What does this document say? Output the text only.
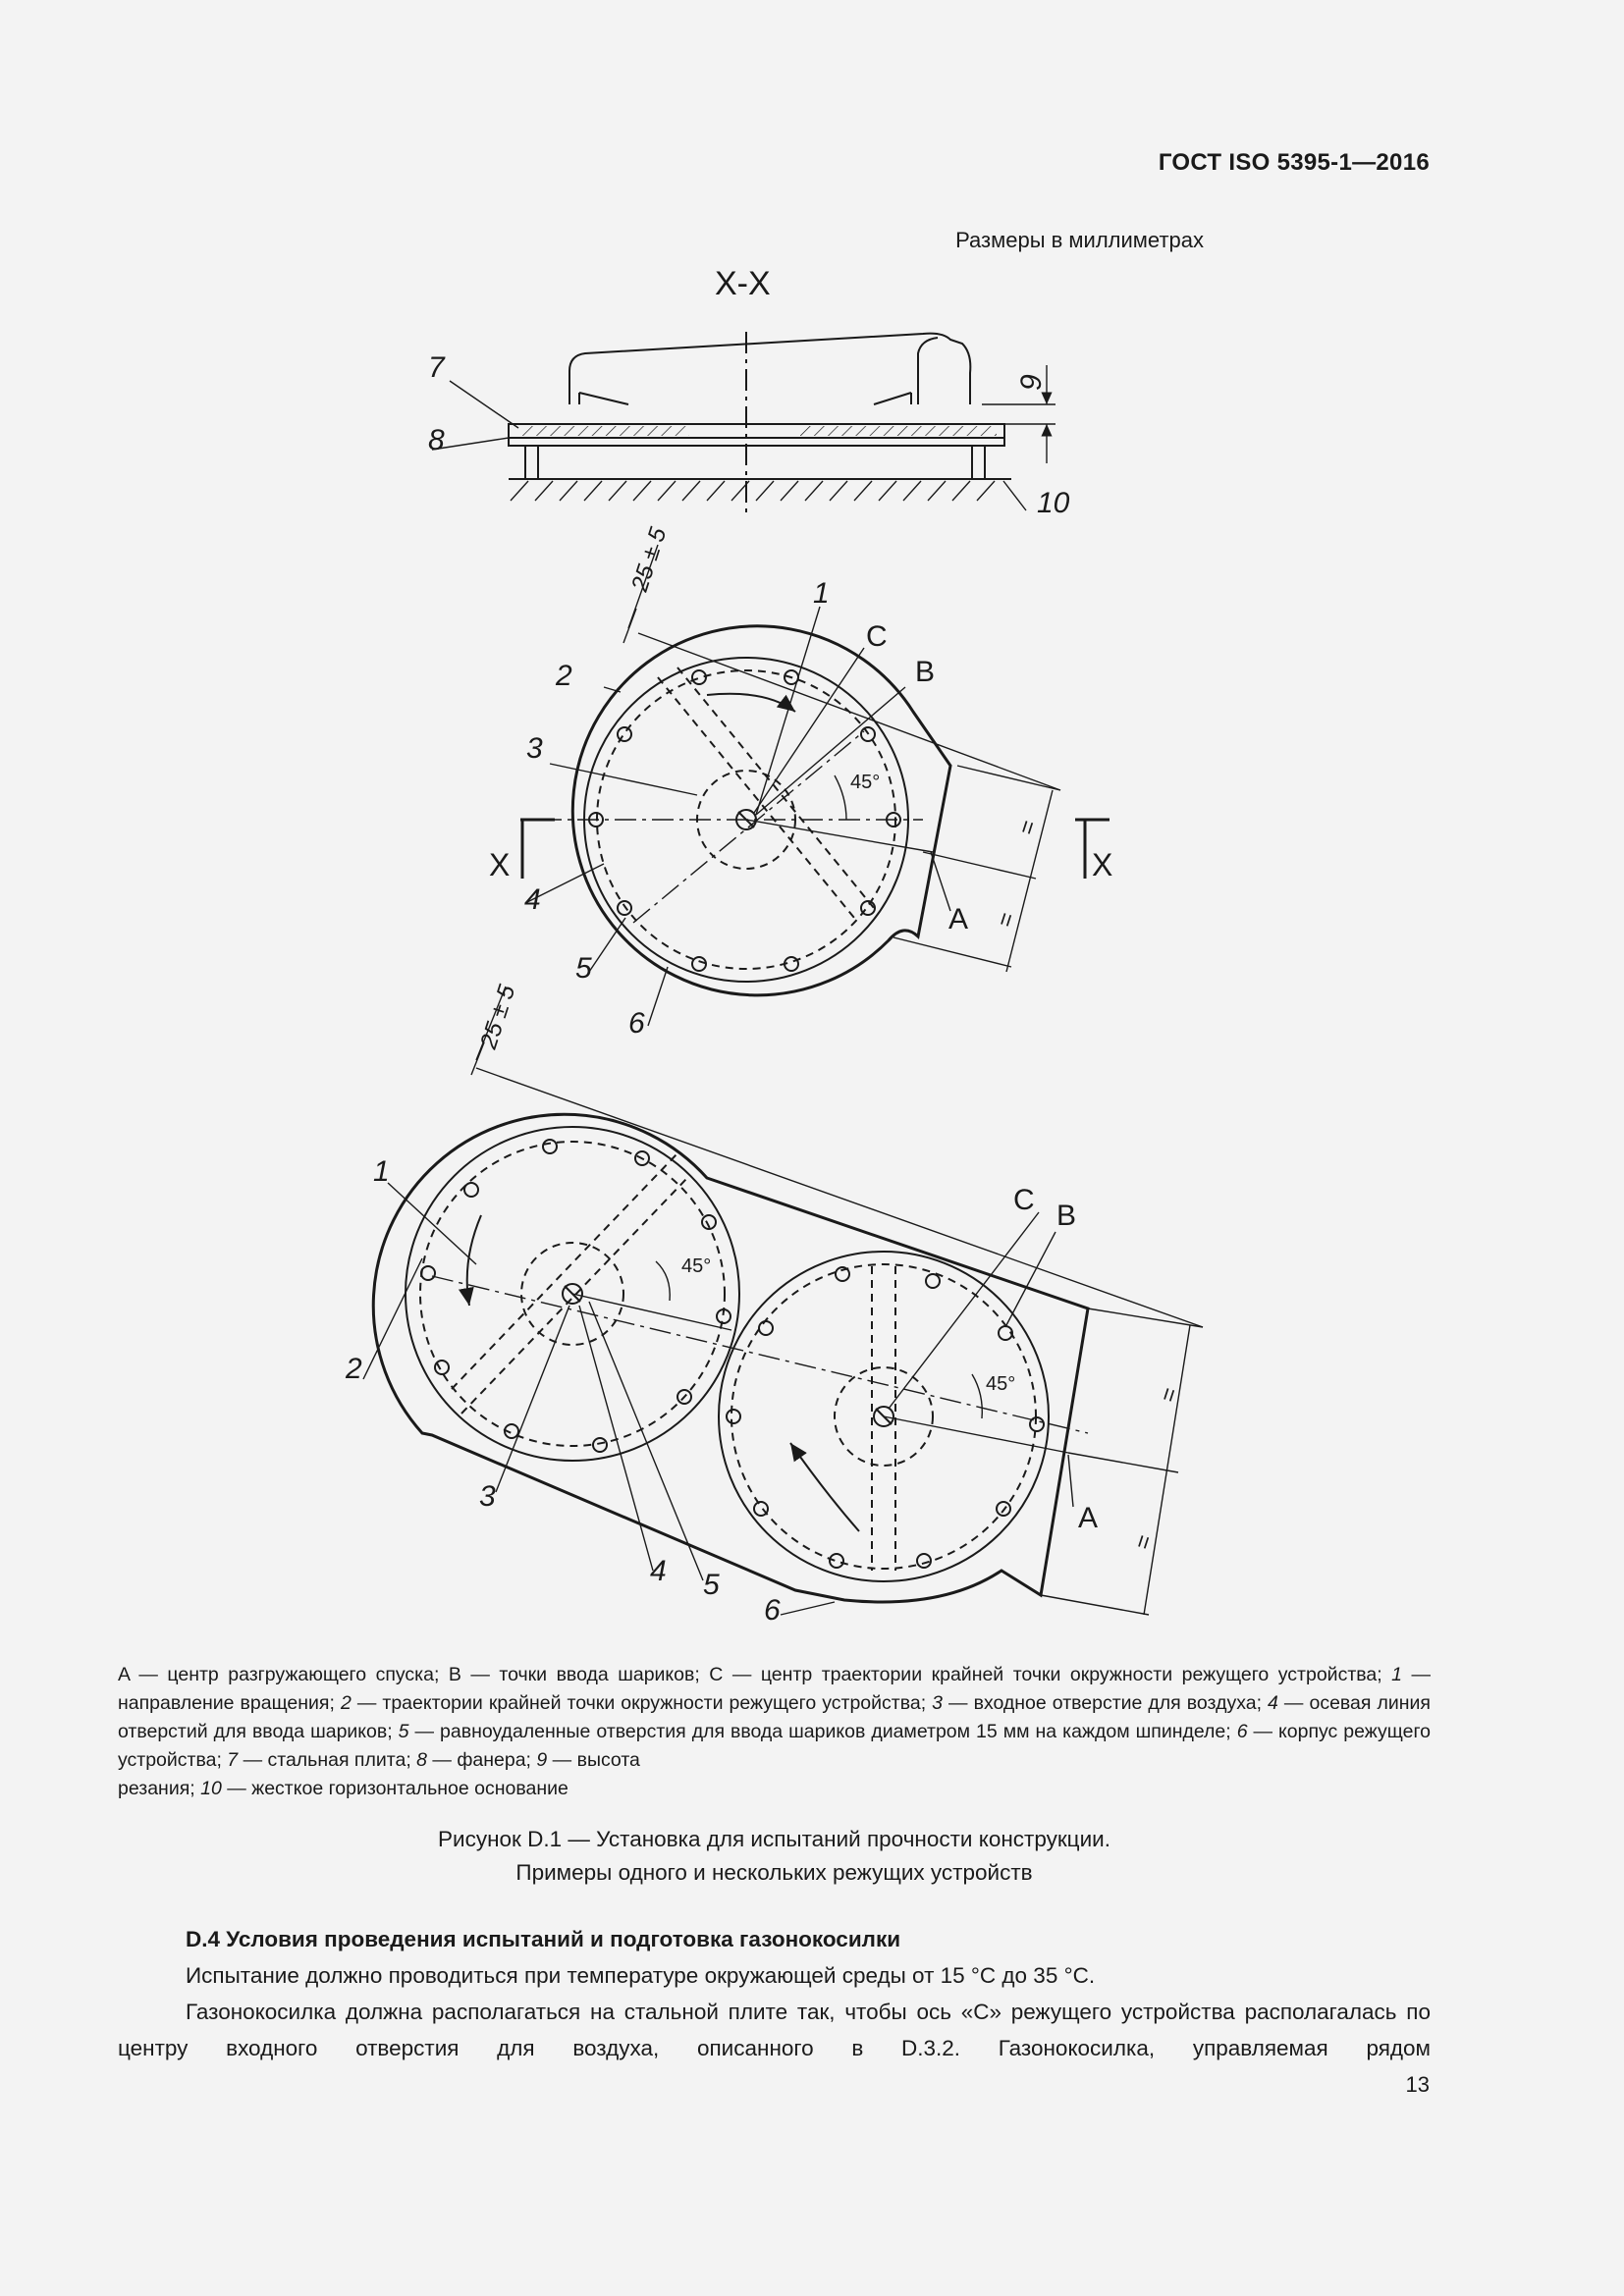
ГОСТ ISO 5395-1—2016
Размеры в миллиметрах
X-X
7
8
9
10
1
2
3
4
5
6
C
B
A
X	X
45°
25 ± 5
=
=
1
2
3
4 5
6
C B
A
45°
45°
25 ± 5
=
=
A — центр разгружающего спуска; B — точки ввода шариков; C — центр траектории крайней точки окружности режущего устройства; 1 — направление вращения; 2 — траектории крайней точки окружности режущего устройства; 3 — входное отверстие для воздуха; 4 — осевая линия отверстий для ввода шариков; 5 — равноудаленные отверстия для ввода шариков диаметром 15 мм на каждом шпинделе; 6 — корпус режущего устройства; 7 — стальная плита; 8 — фанера; 9 — высота
резания; 10 — жесткое горизонтальное основание
Рисунок D.1 — Установка для испытаний прочности конструкции.
Примеры одного и нескольких режущих устройств
D.4 Условия проведения испытаний и подготовка газонокосилки

Испытание должно проводиться при температуре окружающей среды от 15 °С до 35 °С.

Газонокосилка должна располагаться на стальной плите так, чтобы ось «С» режущего устройства располагалась по центру входного отверстия для воздуха, описанного в D.3.2. Газонокосилка, управляемая рядом

13
